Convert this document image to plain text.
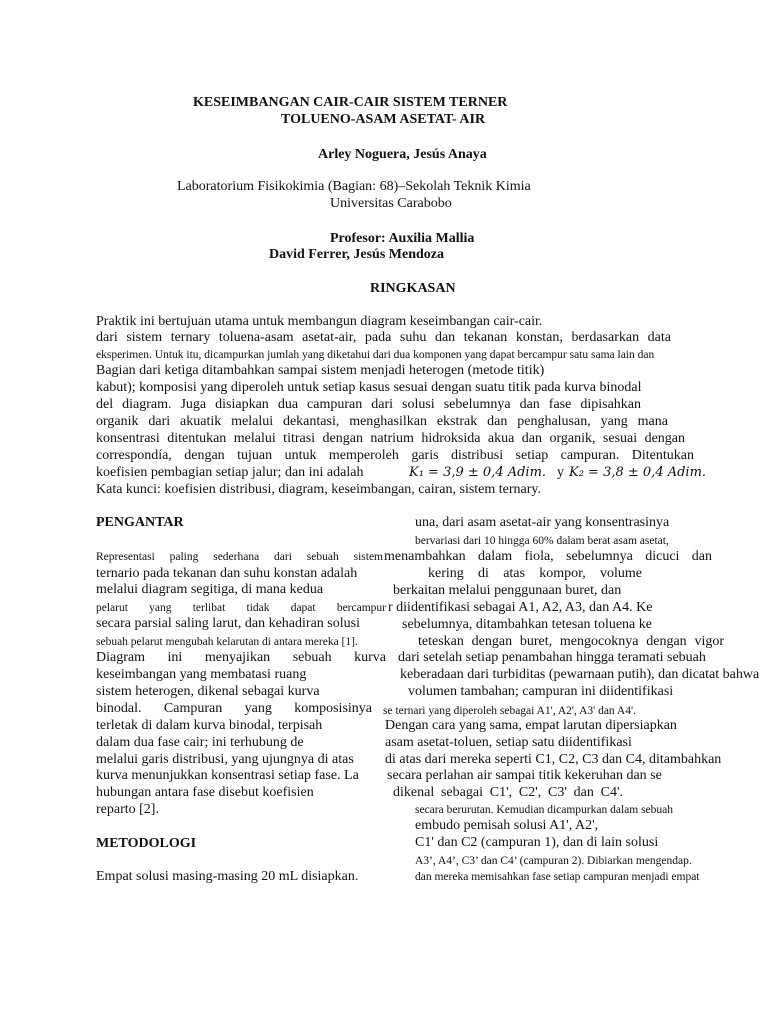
KESEIMBANGAN CAIR-CAIR SISTEM TERNER
TOLUENO-ASAM ASETAT- AIR
Arley Noguera, Jesús Anaya
Laboratorium Fisikokimia (Bagian: 68)–Sekolah Teknik Kimia
Universitas Carabobo
Profesor: Auxilia Mallia
David Ferrer, Jesús Mendoza
RINGKASAN
Praktik ini bertujuan utama untuk membangun diagram keseimbangan cair-cair.
dari sistem ternary toluena-asam asetat-air, pada suhu dan tekanan konstan, berdasarkan data
eksperimen. Untuk itu, dicampurkan jumlah yang diketahui dari dua komponen yang dapat bercampur satu sama lain dan
Bagian dari ketiga ditambahkan sampai sistem menjadi heterogen (metode titik)
kabut); komposisi yang diperoleh untuk setiap kasus sesuai dengan suatu titik pada kurva binodal
del diagram. Juga disiapkan dua campuran dari solusi sebelumnya dan fase dipisahkan
organik dari akuatik melalui dekantasi, menghasilkan ekstrak dan penghalusan, yang mana
konsentrasi ditentukan melalui titrasi dengan natrium hidroksida akua dan organik, sesuai dengan
correspondía, dengan tujuan untuk memperoleh garis distribusi setiap campuran. Ditentukan
koefisien pembagian setiap jalur; dan ini adalah	K₁ = 3,9 ± 0,4 Adim. y K₂ = 3,8 ± 0,4 Adim.
Kata kunci: koefisien distribusi, diagram, keseimbangan, cairan, sistem ternary.
PENGANTAR
Representasi paling sederhana dari sebuah sistem
ternario pada tekanan dan suhu konstan adalah
melalui diagram segitiga, di mana kedua
pelarut yang terlibat tidak dapat bercampur
secara parsial saling larut, dan kehadiran solusi
sebuah pelarut mengubah kelarutan di antara mereka [1].
Diagram ini menyajikan sebuah kurva
keseimbangan yang membatasi ruang
sistem heterogen, dikenal sebagai kurva
binodal. Campuran yang komposisinya
terletak di dalam kurva binodal, terpisah
dalam dua fase cair; ini terhubung de
melalui garis distribusi, yang ujungnya di atas
kurva menunjukkan konsentrasi setiap fase. La
hubungan antara fase disebut koefisien
reparto [2].
METODOLOGI
Empat solusi masing-masing 20 mL disiapkan.
una, dari asam asetat-air yang konsentrasinya
bervariasi dari 10 hingga 60% dalam berat asam asetat,
menambahkan dalam fiola, sebelumnya dicuci dan
kering di atas kompor, volume
berkaitan melalui penggunaan buret, dan
r diidentifikasi sebagai A1, A2, A3, dan A4. Ke
sebelumnya, ditambahkan tetesan toluena ke
teteskan dengan buret, mengocoknya dengan vigor
dari setelah setiap penambahan hingga teramati sebuah
keberadaan dari turbiditas (pewarnaan putih), dan dicatat bahwa
volumen tambahan; campuran ini diidentifikasi
se ternari yang diperoleh sebagai A1', A2', A3' dan A4'.
Dengan cara yang sama, empat larutan dipersiapkan
asam asetat-toluen, setiap satu diidentifikasi
di atas dari mereka seperti C1, C2, C3 dan C4, ditambahkan
secara perlahan air sampai titik kekeruhan dan se
dikenal sebagai C1', C2', C3' dan C4'.
secara berurutan. Kemudian dicampurkan dalam sebuah
embudo pemisah solusi A1', A2',
C1' dan C2 (campuran 1), dan di lain solusi
A3’, A4’, C3’ dan C4’ (campuran 2). Dibiarkan mengendap.
dan mereka memisahkan fase setiap campuran menjadi empat
